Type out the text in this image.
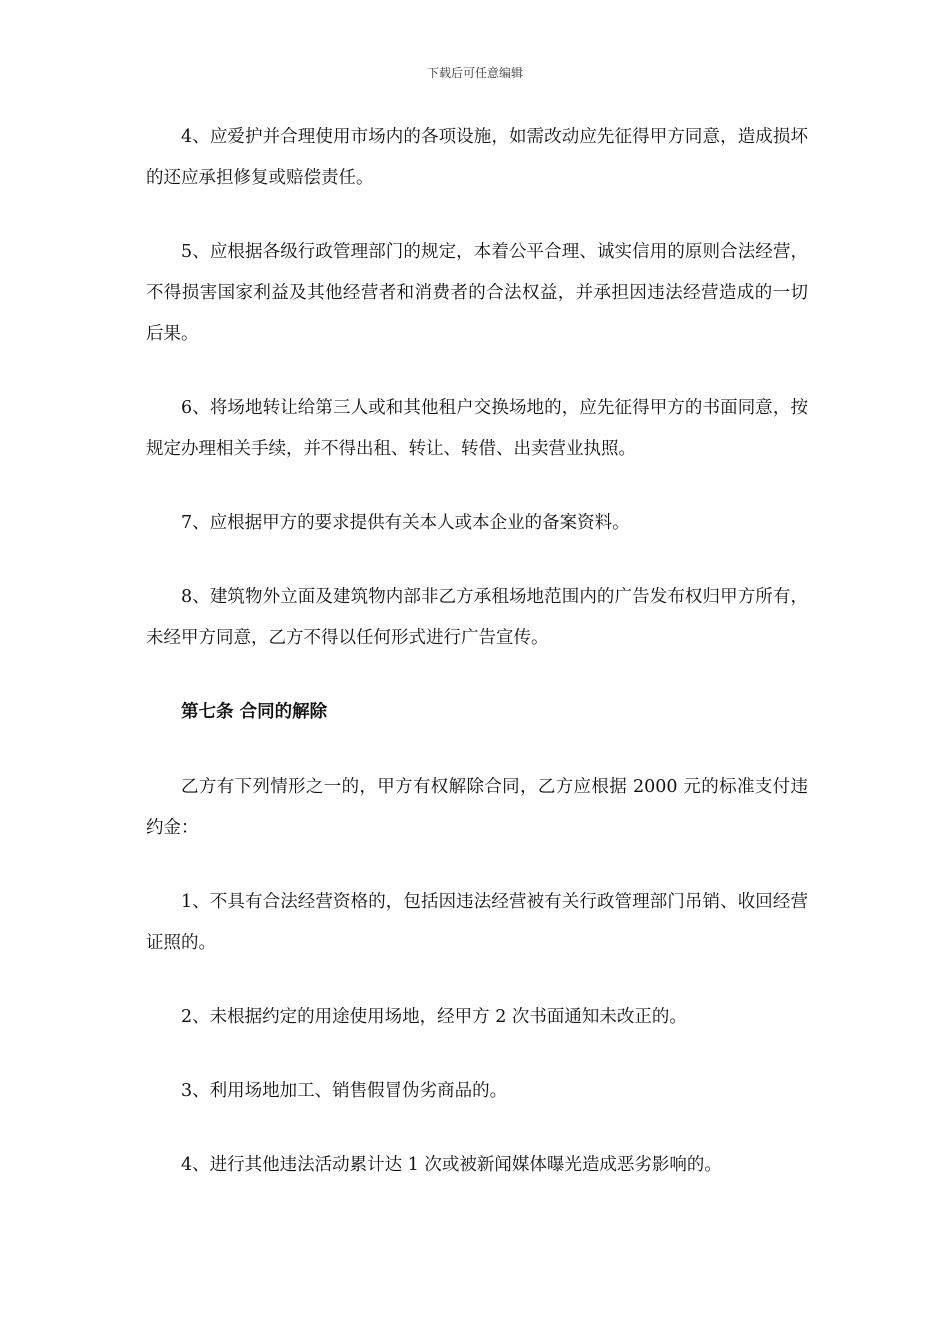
下载后可任意编辑

4、应爱护并合理使用市场内的各项设施，如需改动应先征得甲方同意，造成损坏的还应承担修复或赔偿责任。

5、应根据各级行政管理部门的规定，本着公平合理、诚实信用的原则合法经营，不得损害国家利益及其他经营者和消费者的合法权益，并承担因违法经营造成的一切后果。

6、将场地转让给第三人或和其他租户交换场地的，应先征得甲方的书面同意，按规定办理相关手续，并不得出租、转让、转借、出卖营业执照。

7、应根据甲方的要求提供有关本人或本企业的备案资料。

8、建筑物外立面及建筑物内部非乙方承租场地范围内的广告发布权归甲方所有，未经甲方同意，乙方不得以任何形式进行广告宣传。

第七条 合同的解除

乙方有下列情形之一的，甲方有权解除合同，乙方应根据 2000 元的标准支付违约金：

1、不具有合法经营资格的，包括因违法经营被有关行政管理部门吊销、收回经营证照的。

2、未根据约定的用途使用场地，经甲方 2 次书面通知未改正的。

3、利用场地加工、销售假冒伪劣商品的。

4、进行其他违法活动累计达 1 次或被新闻媒体曝光造成恶劣影响的。
